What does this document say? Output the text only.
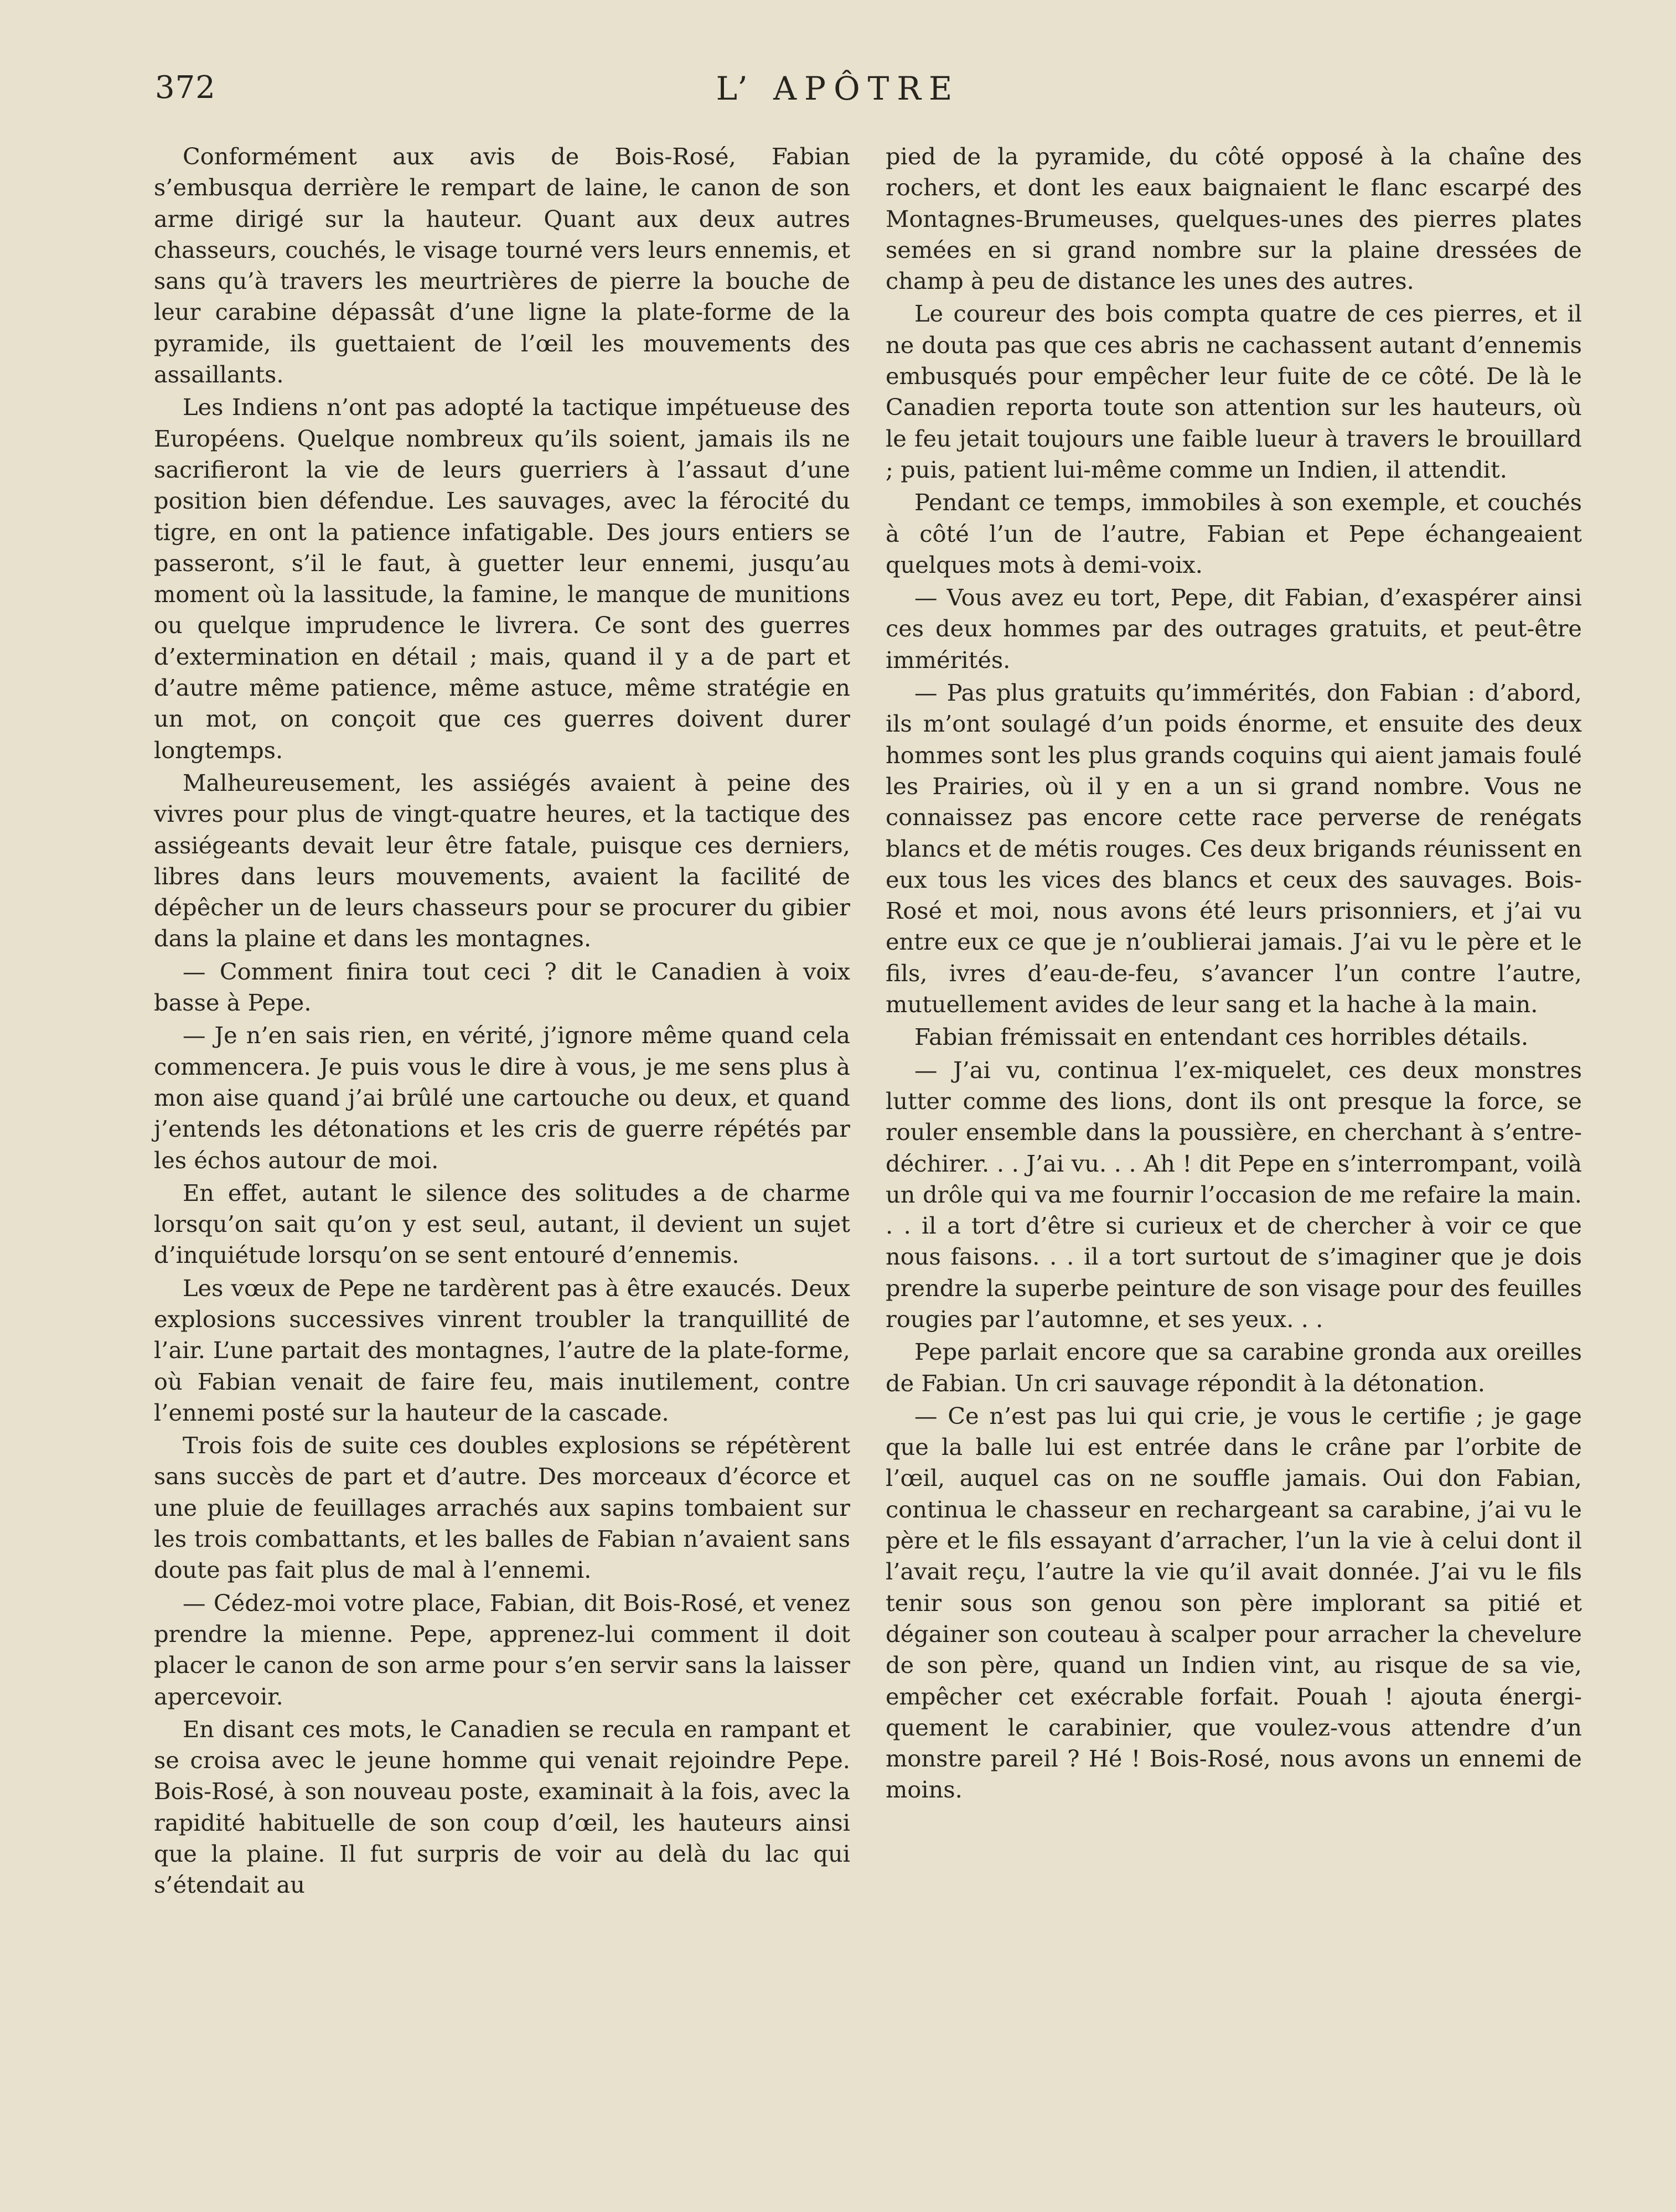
372	L’ APÔTRE

Conformément aux avis de Bois-Rosé, Fabian s’embusqua derrière le rempart de laine, le canon de son arme dirigé sur la hauteur. Quant aux deux autres chasseurs, couchés, le visage tourné vers leurs ennemis, et sans qu’à travers les meurtrières de pierre la bouche de leur carabine dépassât d’une ligne la plate-forme de la pyramide, ils guettaient de l’œil les mouvements des assaillants.

Les Indiens n’ont pas adopté la tactique impétueuse des Européens. Quelque nombreux qu’ils soient, jamais ils ne sacrifieront la vie de leurs guerriers à l’assaut d’une position bien défendue. Les sauvages, avec la férocité du tigre, en ont la patience infatigable. Des jours entiers se passeront, s’il le faut, à guetter leur ennemi, jusqu’au moment où la lassitude, la famine, le manque de munitions ou quelque imprudence le livrera. Ce sont des guerres d’extermination en détail ; mais, quand il y a de part et d’autre même patience, même astuce, même stratégie en un mot, on conçoit que ces guerres doivent durer longtemps.

Malheureusement, les assiégés avaient à peine des vivres pour plus de vingt-quatre heures, et la tactique des assiégeants devait leur être fatale, puisque ces derniers, libres dans leurs mouvements, avaient la facilité de dépêcher un de leurs chasseurs pour se procurer du gibier dans la plaine et dans les montagnes.

— Comment finira tout ceci ? dit le Canadien à voix basse à Pepe.

— Je n’en sais rien, en vérité, j’ignore même quand cela commencera. Je puis vous le dire à vous, je me sens plus à mon aise quand j’ai brûlé une cartouche ou deux, et quand j’entends les détonations et les cris de guerre répétés par les échos autour de moi.

En effet, autant le silence des solitudes a de charme lorsqu’on sait qu’on y est seul, autant, il devient un sujet d’inquiétude lorsqu’on se sent entouré d’ennemis.

Les vœux de Pepe ne tardèrent pas à être exaucés. Deux explosions successives vinrent troubler la tranquillité de l’air. L’une partait des montagnes, l’autre de la plate-forme, où Fabian venait de faire feu, mais inutilement, contre l’ennemi posté sur la hauteur de la cascade.

Trois fois de suite ces doubles explosions se répétèrent sans succès de part et d’autre. Des morceaux d’écorce et une pluie de feuillages arrachés aux sapins tombaient sur les trois combattants, et les balles de Fabian n’avaient sans doute pas fait plus de mal à l’ennemi.

— Cédez-moi votre place, Fabian, dit Bois-Rosé, et venez prendre la mienne. Pepe, apprenez-lui comment il doit placer le canon de son arme pour s’en servir sans la laisser apercevoir.

En disant ces mots, le Canadien se recula en rampant et se croisa avec le jeune homme qui venait rejoindre Pepe. Bois-Rosé, à son nouveau poste, examinait à la fois, avec la rapidité habituelle de son coup d’œil, les hauteurs ainsi que la plaine. Il fut surpris de voir au delà du lac qui s’étendait au

pied de la pyramide, du côté opposé à la chaîne des rochers, et dont les eaux baignaient le flanc escarpé des Montagnes-Brumeuses, quelques-unes des pierres plates semées en si grand nombre sur la plaine dressées de champ à peu de distance les unes des autres.

Le coureur des bois compta quatre de ces pierres, et il ne douta pas que ces abris ne cachassent autant d’ennemis embusqués pour empêcher leur fuite de ce côté. De là le Canadien reporta toute son attention sur les hauteurs, où le feu jetait toujours une faible lueur à travers le brouillard ; puis, patient lui-même comme un Indien, il attendit.

Pendant ce temps, immobiles à son exemple, et couchés à côté l’un de l’autre, Fabian et Pepe échangeaient quelques mots à demi-voix.

— Vous avez eu tort, Pepe, dit Fabian, d’exaspérer ainsi ces deux hommes par des outrages gratuits, et peut-être immérités.

— Pas plus gratuits qu’immérités, don Fabian : d’abord, ils m’ont soulagé d’un poids énorme, et ensuite des deux hommes sont les plus grands coquins qui aient jamais foulé les Prairies, où il y en a un si grand nombre. Vous ne connaissez pas encore cette race perverse de renégats blancs et de métis rouges. Ces deux brigands réunissent en eux tous les vices des blancs et ceux des sauvages. Bois-Rosé et moi, nous avons été leurs prisonniers, et j’ai vu entre eux ce que je n’oublierai jamais. J’ai vu le père et le fils, ivres d’eau-de-feu, s’avancer l’un contre l’autre, mutuellement avides de leur sang et la hache à la main.

Fabian frémissait en entendant ces horribles détails.

— J’ai vu, continua l’ex-miquelet, ces deux monstres lutter comme des lions, dont ils ont presque la force, se rouler ensemble dans la poussière, en cherchant à s’entre-déchirer. . . J’ai vu. . . Ah ! dit Pepe en s’interrompant, voilà un drôle qui va me fournir l’occasion de me refaire la main. . . il a tort d’être si curieux et de chercher à voir ce que nous faisons. . . il a tort surtout de s’imaginer que je dois prendre la superbe peinture de son visage pour des feuilles rougies par l’automne, et ses yeux. . .

Pepe parlait encore que sa carabine gronda aux oreilles de Fabian. Un cri sauvage répondit à la détonation.

— Ce n’est pas lui qui crie, je vous le certifie ; je gage que la balle lui est entrée dans le crâne par l’orbite de l’œil, auquel cas on ne souffle jamais. Oui don Fabian, continua le chasseur en rechargeant sa carabine, j’ai vu le père et le fils essayant d’arracher, l’un la vie à celui dont il l’avait reçu, l’autre la vie qu’il avait donnée. J’ai vu le fils tenir sous son genou son père implorant sa pitié et dégainer son couteau à scalper pour arracher la chevelure de son père, quand un Indien vint, au risque de sa vie, empêcher cet exécrable forfait. Pouah ! ajouta énergiquement le carabinier, que voulez-vous attendre d’un monstre pareil ? Hé ! Bois-Rosé, nous avons un ennemi de moins.
